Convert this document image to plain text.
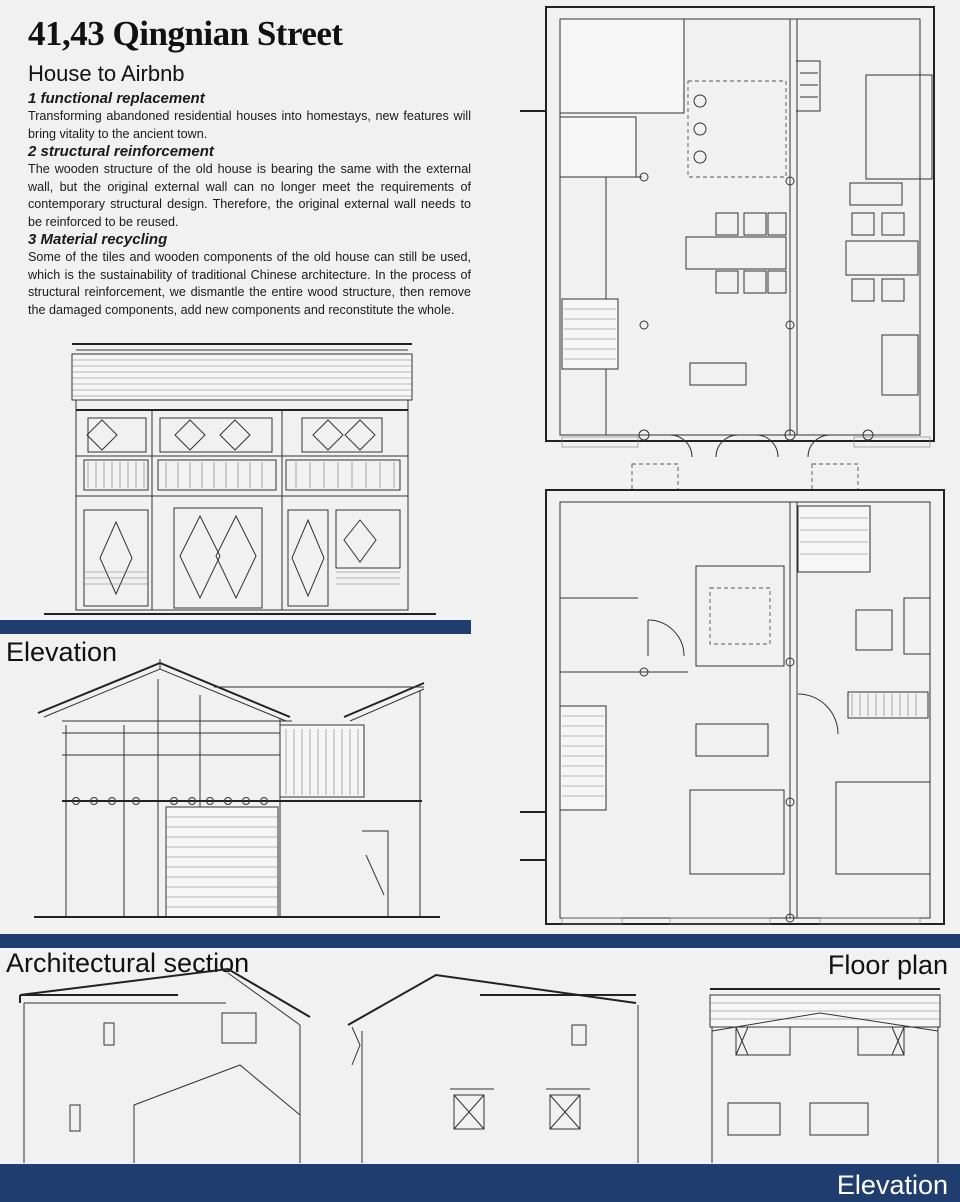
41,43 Qingnian Street
House to Airbnb

1 functional replacement

Transforming abandoned residential houses into homestays, new features will bring vitality to the ancient town.

2 structural reinforcement

The wooden structure of the old house is bearing the same with the external wall, but the original external wall can no longer meet the requirements of contemporary structural design. Therefore, the original external wall needs to be reinforced to be reused.

3 Material recycling

Some of the tiles and wooden components of the old house can still be used, which is the sustainability of traditional Chinese architecture. In the process of structural reinforcement, we dismantle the entire wood structure, then remove the damaged components, add new components and reconstitute the whole.

Elevation
Architectural section	Floor plan
Elevation
